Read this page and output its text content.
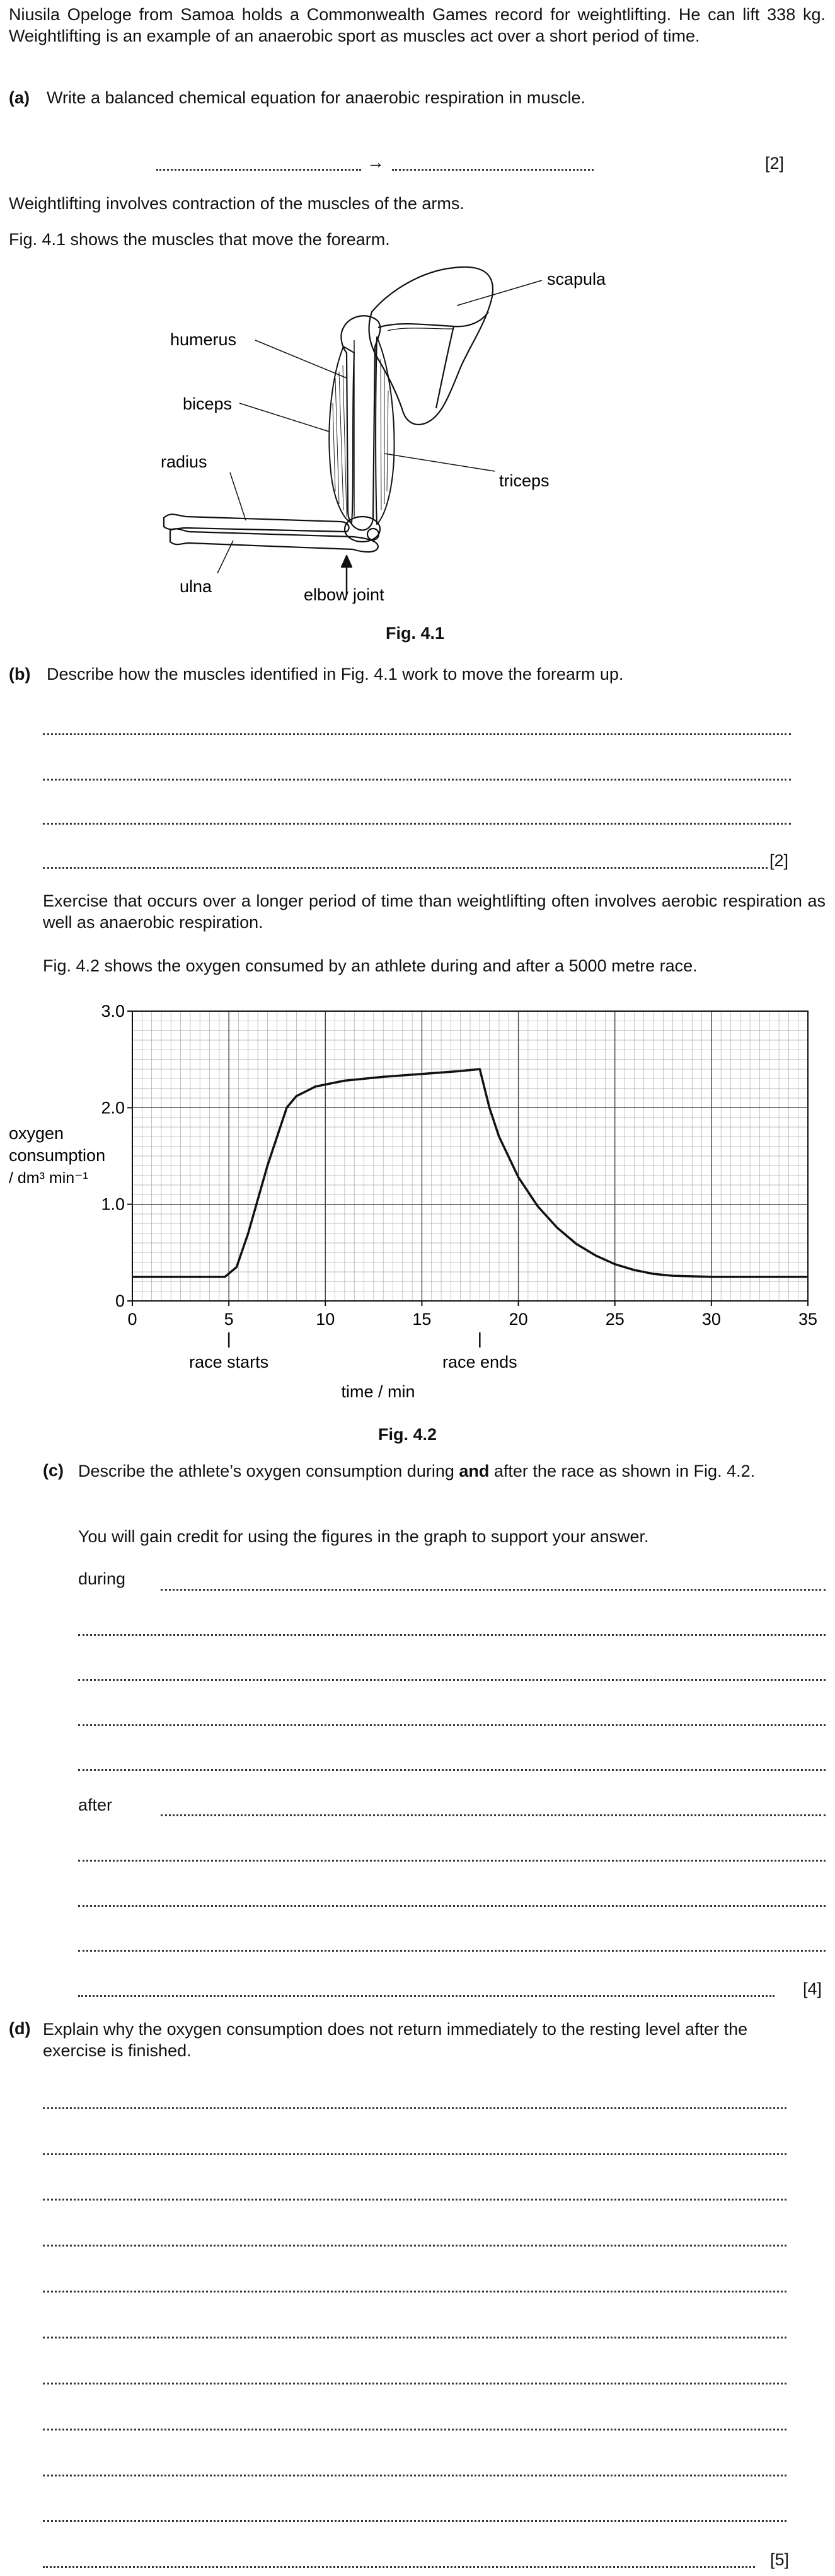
Niusila Opeloge from Samoa holds a Commonwealth Games record for weightlifting. He can lift 338 kg. Weightlifting is an example of an anaerobic sport as muscles act over a short period of time.
(a) Write a balanced chemical equation for anaerobic respiration in muscle.
→	[2]
Weightlifting involves contraction of the muscles of the arms.
Fig. 4.1 shows the muscles that move the forearm.
scapula
humerus
biceps
radius
triceps
ulna	elbow joint
Fig. 4.1
(b) Describe how the muscles identified in Fig. 4.1 work to move the forearm up.
[2]
Exercise that occurs over a longer period of time than weightlifting often involves aerobic respiration as well as anaerobic respiration.
Fig. 4.2 shows the oxygen consumed by an athlete during and after a 5000 metre race.
0	5	10	15	20	25	30	35
0
1.0
2.0
3.0
race starts	race ends
oxygen
consumption
/ dm³ min⁻¹
time / min
Fig. 4.2
(c) Describe the athlete’s oxygen consumption during and after the race as shown in Fig. 4.2.
You will gain credit for using the figures in the graph to support your answer.
during
after
[4]
(d) Explain why the oxygen consumption does not return immediately to the resting level after the exercise is finished.
[5]
